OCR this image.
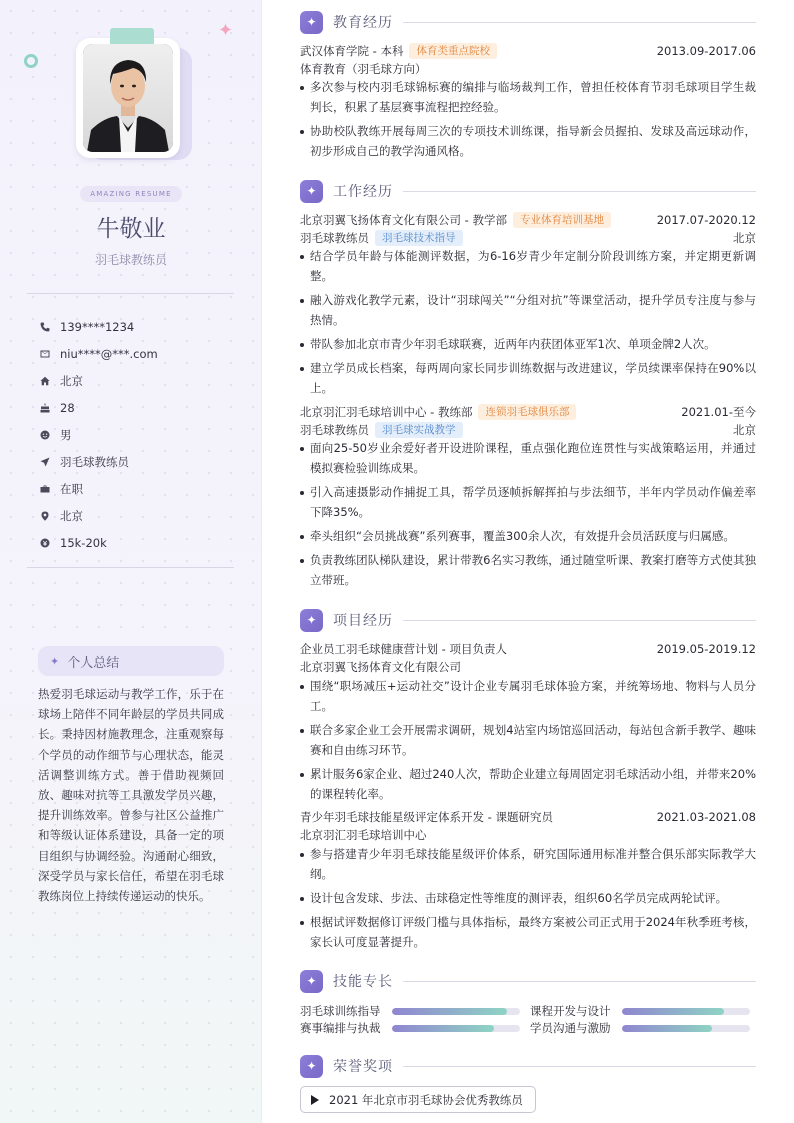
✦
AMAZING RESUME
牛敬业
羽毛球教练员
139****1234
niu****@***.com
北京
28
男
羽毛球教练员
在职
北京
15k-20k
✦ 个人总结
热爱羽毛球运动与教学工作，乐于在球场上陪伴不同年龄层的学员共同成长。秉持因材施教理念，注重观察每个学员的动作细节与心理状态，能灵活调整训练方式。善于借助视频回放、趣味对抗等工具激发学员兴趣，提升训练效率。曾参与社区公益推广和等级认证体系建设，具备一定的项目组织与协调经验。沟通耐心细致，深受学员与家长信任，希望在羽毛球教练岗位上持续传递运动的快乐。
✦	教育经历
武汉体育学院 - 本科	体育类重点院校	2013.09-2017.06
体育教育（羽毛球方向）
多次参与校内羽毛球锦标赛的编排与临场裁判工作，曾担任校体育节羽毛球项目学生裁判长，积累了基层赛事流程把控经验。
协助校队教练开展每周三次的专项技术训练课，指导新会员握拍、发球及高远球动作，初步形成自己的教学沟通风格。
✦	工作经历
北京羽翼飞扬体育文化有限公司 - 教学部	专业体育培训基地	2017.07-2020.12
羽毛球教练员	羽毛球技术指导	北京
结合学员年龄与体能测评数据，为6-16岁青少年定制分阶段训练方案，并定期更新调整。
融入游戏化教学元素，设计“羽球闯关”“分组对抗”等课堂活动，提升学员专注度与参与热情。
带队参加北京市青少年羽毛球联赛，近两年内获团体亚军1次、单项金牌2人次。
建立学员成长档案，每两周向家长同步训练数据与改进建议，学员续课率保持在90%以上。
北京羽汇羽毛球培训中心 - 教练部	连锁羽毛球俱乐部	2021.01-至今
羽毛球教练员	羽毛球实战教学	北京
面向25-50岁业余爱好者开设进阶课程，重点强化跑位连贯性与实战策略运用，并通过模拟赛检验训练成果。
引入高速摄影动作捕捉工具，帮学员逐帧拆解挥拍与步法细节，半年内学员动作偏差率下降35%。
牵头组织“会员挑战赛”系列赛事，覆盖300余人次，有效提升会员活跃度与归属感。
负责教练团队梯队建设，累计带教6名实习教练，通过随堂听课、教案打磨等方式使其独立带班。
✦	项目经历
企业员工羽毛球健康营计划 - 项目负责人	2019.05-2019.12
北京羽翼飞扬体育文化有限公司
围绕“职场减压+运动社交”设计企业专属羽毛球体验方案，并统筹场地、物料与人员分工。
联合多家企业工会开展需求调研，规划4站室内场馆巡回活动，每站包含新手教学、趣味赛和自由练习环节。
累计服务6家企业、超过240人次，帮助企业建立每周固定羽毛球活动小组，并带来20%的课程转化率。
青少年羽毛球技能星级评定体系开发 - 课题研究员	2021.03-2021.08
北京羽汇羽毛球培训中心
参与搭建青少年羽毛球技能星级评价体系，研究国际通用标准并整合俱乐部实际教学大纲。
设计包含发球、步法、击球稳定性等维度的测评表，组织60名学员完成两轮试评。
根据试评数据修订评级门槛与具体指标，最终方案被公司正式用于2024年秋季班考核，家长认可度显著提升。
✦	技能专长
羽毛球训练指导	课程开发与设计
赛事编排与执裁	学员沟通与激励
✦	荣誉奖项
2021 年北京市羽毛球协会优秀教练员
